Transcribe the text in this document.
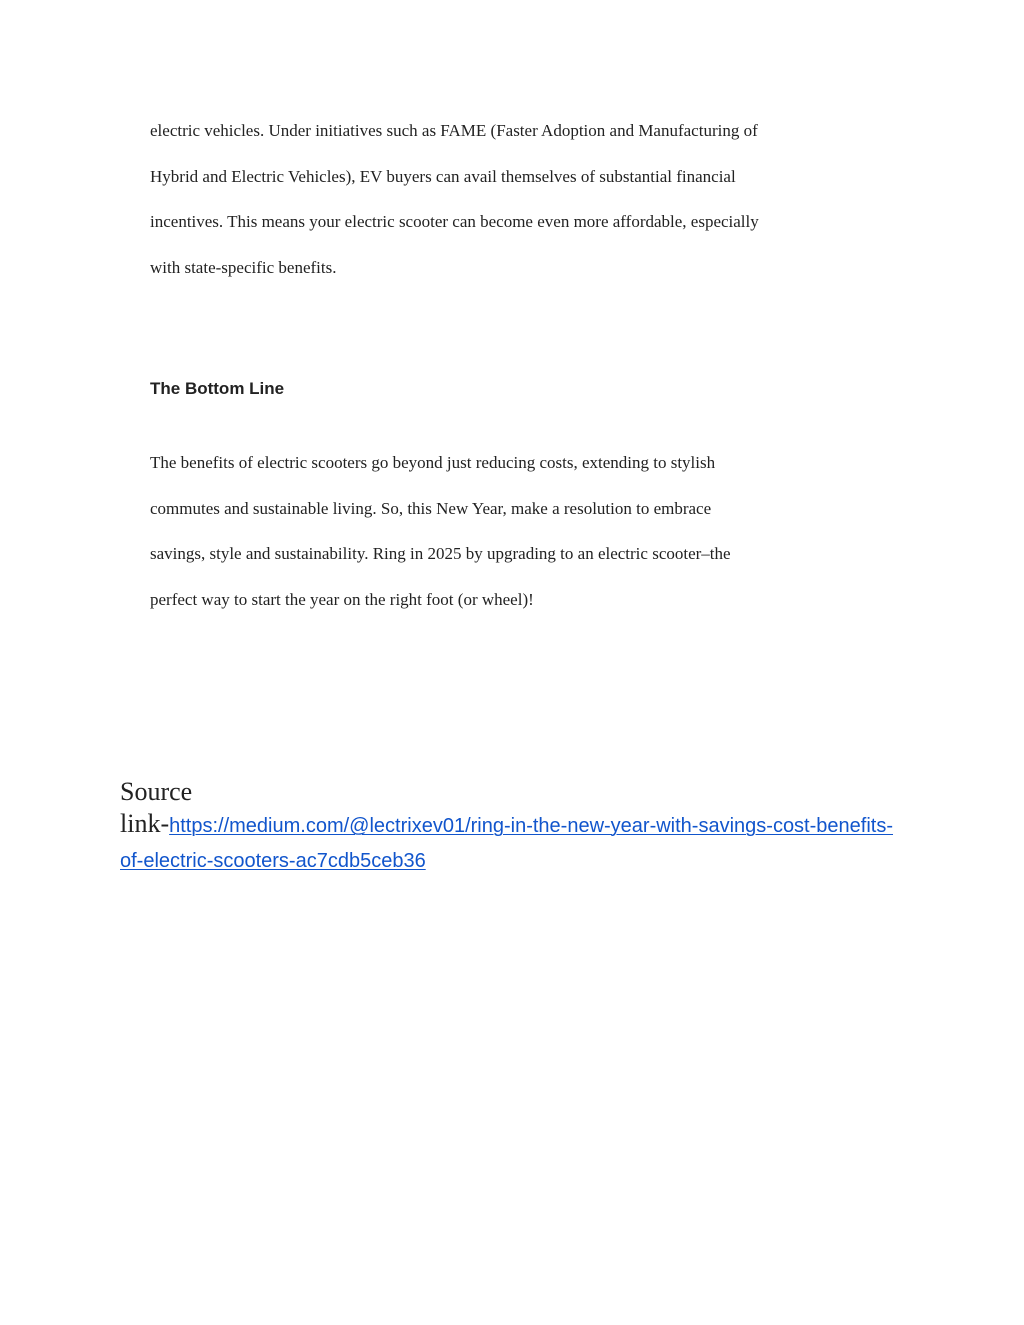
electric vehicles. Under initiatives such as FAME (Faster Adoption and Manufacturing of
Hybrid and Electric Vehicles), EV buyers can avail themselves of substantial financial
incentives. This means your electric scooter can become even more affordable, especially
with state-specific benefits.

The Bottom Line

The benefits of electric scooters go beyond just reducing costs, extending to stylish
commutes and sustainable living. So, this New Year, make a resolution to embrace
savings, style and sustainability. Ring in 2025 by upgrading to an electric scooter–the
perfect way to start the year on the right foot (or wheel)!

Source
link-https://medium.com/@lectrixev01/ring-in-the-new-year-with-savings-cost-benefits-
of-electric-scooters-ac7cdb5ceb36
